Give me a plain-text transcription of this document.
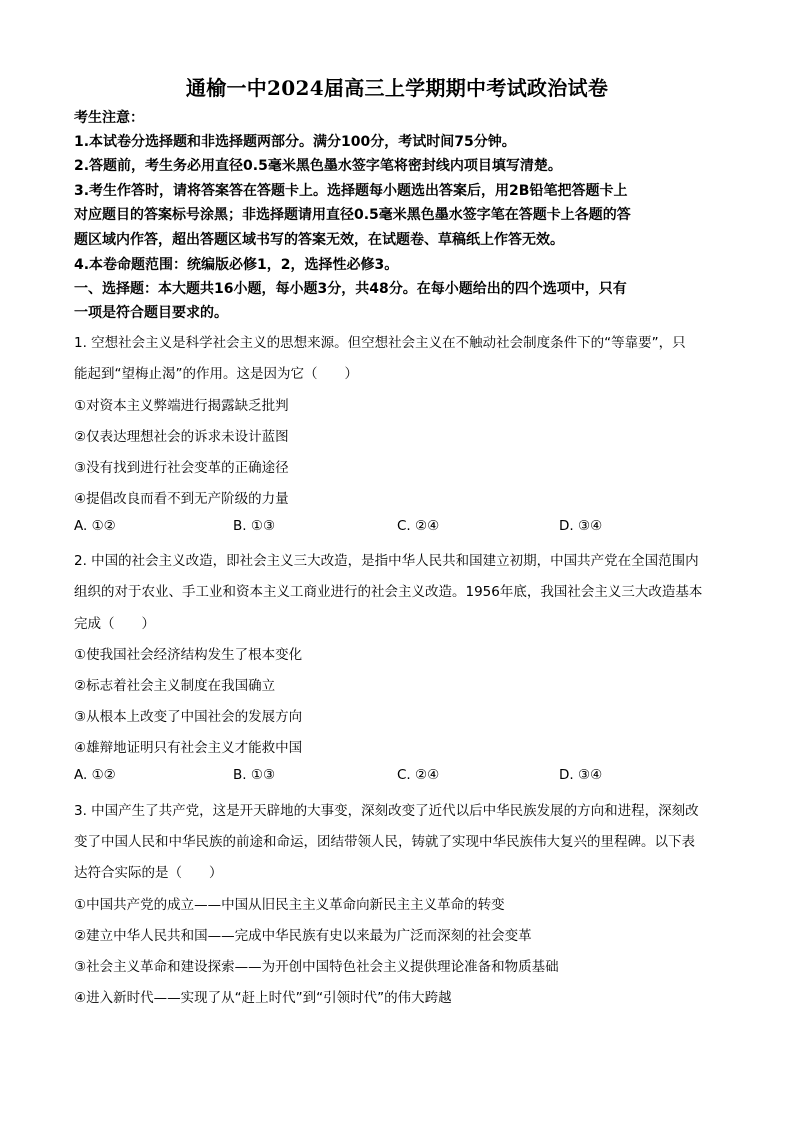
通榆一中2024届高三上学期期中考试政治试卷
考生注意：
1.本试卷分选择题和非选择题两部分。满分100分，考试时间75分钟。
2.答题前，考生务必用直径0.5毫米黑色墨水签字笔将密封线内项目填写清楚。
3.考生作答时，请将答案答在答题卡上。选择题每小题选出答案后，用2B铅笔把答题卡上
对应题目的答案标号涂黑；非选择题请用直径0.5毫米黑色墨水签字笔在答题卡上各题的答
题区域内作答，超出答题区域书写的答案无效，在试题卷、草稿纸上作答无效。
4.本卷命题范围：统编版必修1，2，选择性必修3。
一、选择题：本大题共16小题，每小题3分，共48分。在每小题给出的四个选项中，只有
一项是符合题目要求的。
1. 空想社会主义是科学社会主义的思想来源。但空想社会主义在不触动社会制度条件下的“等靠要”，只
能起到“望梅止渴”的作用。这是因为它（　　）
①对资本主义弊端进行揭露缺乏批判
②仅表达理想社会的诉求未设计蓝图
③没有找到进行社会变革的正确途径
④提倡改良而看不到无产阶级的力量
A. ①②	B. ①③	C. ②④	D. ③④
2. 中国的社会主义改造，即社会主义三大改造，是指中华人民共和国建立初期，中国共产党在全国范围内
组织的对于农业、手工业和资本主义工商业进行的社会主义改造。1956年底，我国社会主义三大改造基本
完成（　　）
①使我国社会经济结构发生了根本变化
②标志着社会主义制度在我国确立
③从根本上改变了中国社会的发展方向
④雄辩地证明只有社会主义才能救中国
A. ①②	B. ①③	C. ②④	D. ③④
3. 中国产生了共产党，这是开天辟地的大事变，深刻改变了近代以后中华民族发展的方向和进程，深刻改
变了中国人民和中华民族的前途和命运，团结带领人民，铸就了实现中华民族伟大复兴的里程碑。以下表
达符合实际的是（　　）
①中国共产党的成立——中国从旧民主主义革命向新民主主义革命的转变
②建立中华人民共和国——完成中华民族有史以来最为广泛而深刻的社会变革
③社会主义革命和建设探索——为开创中国特色社会主义提供理论准备和物质基础
④进入新时代——实现了从“赶上时代”到“引领时代”的伟大跨越
